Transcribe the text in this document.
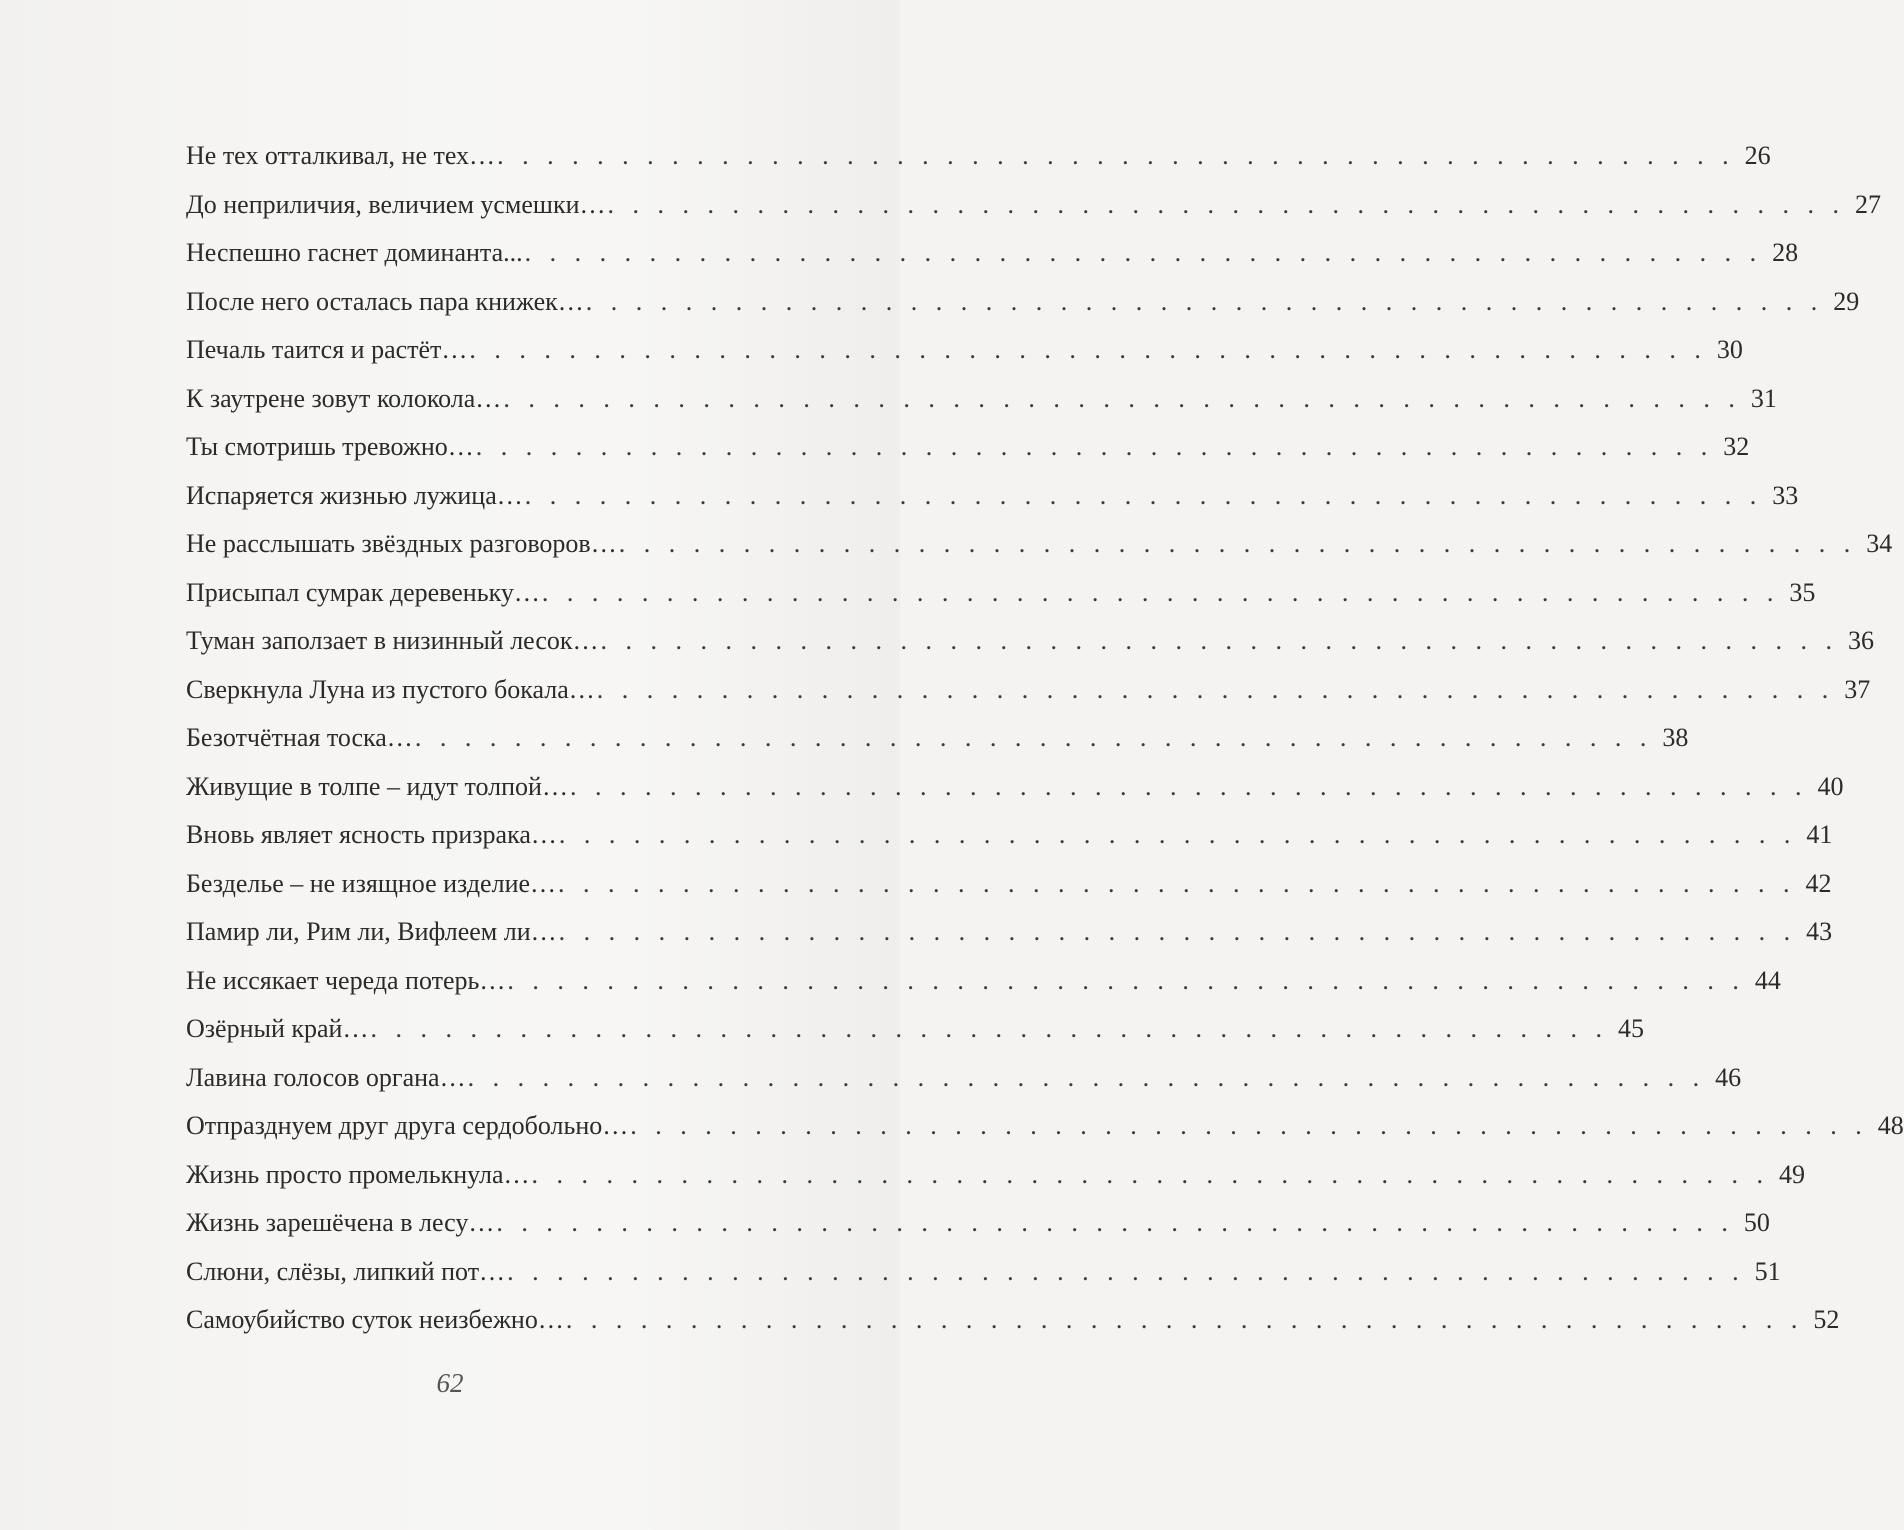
Не тех отталкивал, не тех… . . . . . . . . . . . . . . . . . . . . . . . . . . . . . . . . . . . . . . . . . . . . . . . . . . 26
До неприличия, величием усмешки… . . . . . . . . . . . . . . . . . . . . . . . . . . . . . . . . . . . . . . . . . . . . . . . . . . 27
Неспешно гаснет доминанта... . . . . . . . . . . . . . . . . . . . . . . . . . . . . . . . . . . . . . . . . . . . . . . . . . . 28
После него осталась пара книжек… . . . . . . . . . . . . . . . . . . . . . . . . . . . . . . . . . . . . . . . . . . . . . . . . . . 29
Печаль таится и растёт… . . . . . . . . . . . . . . . . . . . . . . . . . . . . . . . . . . . . . . . . . . . . . . . . . . 30
К заутрене зовут колокола… . . . . . . . . . . . . . . . . . . . . . . . . . . . . . . . . . . . . . . . . . . . . . . . . . . 31
Ты смотришь тревожно… . . . . . . . . . . . . . . . . . . . . . . . . . . . . . . . . . . . . . . . . . . . . . . . . . . 32
Испаряется жизнью лужица… . . . . . . . . . . . . . . . . . . . . . . . . . . . . . . . . . . . . . . . . . . . . . . . . . . 33
Не расслышать звёздных разговоров… . . . . . . . . . . . . . . . . . . . . . . . . . . . . . . . . . . . . . . . . . . . . . . . . . . 34
Присыпал сумрак деревеньку… . . . . . . . . . . . . . . . . . . . . . . . . . . . . . . . . . . . . . . . . . . . . . . . . . . 35
Туман заползает в низинный лесок… . . . . . . . . . . . . . . . . . . . . . . . . . . . . . . . . . . . . . . . . . . . . . . . . . . 36
Сверкнула Луна из пустого бокала… . . . . . . . . . . . . . . . . . . . . . . . . . . . . . . . . . . . . . . . . . . . . . . . . . . 37
Безотчётная тоска… . . . . . . . . . . . . . . . . . . . . . . . . . . . . . . . . . . . . . . . . . . . . . . . . . . 38
Живущие в толпе – идут толпой… . . . . . . . . . . . . . . . . . . . . . . . . . . . . . . . . . . . . . . . . . . . . . . . . . . 40
Вновь являет ясность призрака… . . . . . . . . . . . . . . . . . . . . . . . . . . . . . . . . . . . . . . . . . . . . . . . . . . 41
Безделье – не изящное изделие… . . . . . . . . . . . . . . . . . . . . . . . . . . . . . . . . . . . . . . . . . . . . . . . . . . 42
Памир ли, Рим ли, Вифлеем ли… . . . . . . . . . . . . . . . . . . . . . . . . . . . . . . . . . . . . . . . . . . . . . . . . . . 43
Не иссякает череда потерь… . . . . . . . . . . . . . . . . . . . . . . . . . . . . . . . . . . . . . . . . . . . . . . . . . . 44
Озёрный край… . . . . . . . . . . . . . . . . . . . . . . . . . . . . . . . . . . . . . . . . . . . . . . . . . . 45
Лавина голосов органа… . . . . . . . . . . . . . . . . . . . . . . . . . . . . . . . . . . . . . . . . . . . . . . . . . . 46
Отпразднуем друг друга сердобольно… . . . . . . . . . . . . . . . . . . . . . . . . . . . . . . . . . . . . . . . . . . . . . . . . . . 48
Жизнь просто промелькнула… . . . . . . . . . . . . . . . . . . . . . . . . . . . . . . . . . . . . . . . . . . . . . . . . . . 49
Жизнь зарешёчена в лесу… . . . . . . . . . . . . . . . . . . . . . . . . . . . . . . . . . . . . . . . . . . . . . . . . . . 50
Слюни, слёзы, липкий пот… . . . . . . . . . . . . . . . . . . . . . . . . . . . . . . . . . . . . . . . . . . . . . . . . . . 51
Самоубийство суток неизбежно… . . . . . . . . . . . . . . . . . . . . . . . . . . . . . . . . . . . . . . . . . . . . . . . . . . 52
62
